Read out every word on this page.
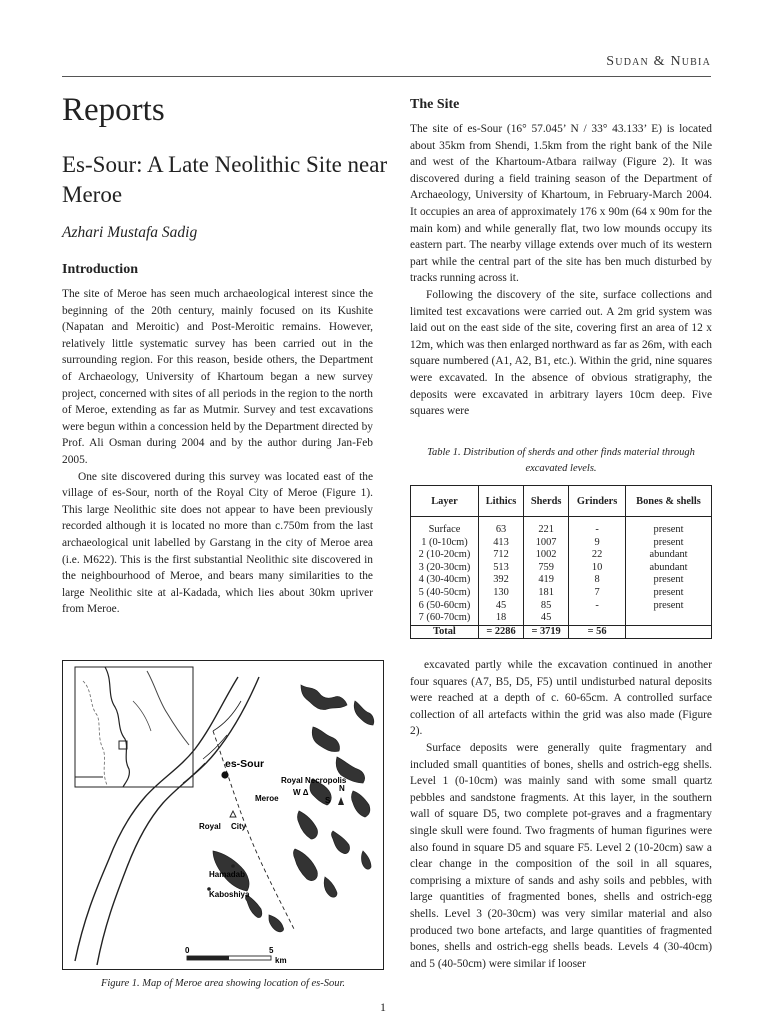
Sudan & Nubia
Reports
Es-Sour: A Late Neolithic Site near Meroe
Azhari Mustafa Sadig
Introduction

The site of Meroe has seen much archaeological interest since the beginning of the 20th century, mainly focused on its Kushite (Napatan and Meroitic) and Post-Meroitic remains. However, relatively little systematic survey has been carried out in the surrounding region. For this reason, beside others, the Department of Archaeology, University of Khartoum began a new survey project, concerned with sites of all periods in the region to the north of Meroe, extending as far as Mutmir. Survey and test excavations were begun within a concession held by the Department directed by Prof. Ali Osman during 2004 and by the author during Jan-Feb 2005.

One site discovered during this survey was located east of the village of es-Sour, north of the Royal City of Meroe (Figure 1). This large Neolithic site does not appear to have been previously recorded although it is located no more than c.750m from the last archaeological unit labelled by Garstang in the city of Meroe area (i.e. M622). This is the first substantial Neolithic site discovered in the neighbourhood of Meroe, and bears many similarities to the large Neolithic site at al-Kadada, which lies about 30km upriver from Meroe.

The Site

The site of es-Sour (16° 57.045’ N / 33° 43.133’ E) is located about 35km from Shendi, 1.5km from the right bank of the Nile and west of the Khartoum-Atbara railway (Figure 2). It was discovered during a field training season of the Department of Archaeology, University of Khartoum, in February-March 2004. It occupies an area of approximately 176 x 90m (64 x 90m for the main kom) and while generally flat, two low mounds occupy its eastern part. The nearby village extends over much of its western part while the central part of the site has ben much disturbed by tracks running across it.

Following the discovery of the site, surface collections and limited test excavations were carried out. A 2m grid system was laid out on the east side of the site, covering first an area of 12 x 12m, which was then enlarged northward as far as 26m, with each square numbered (A1, A2, B1, etc.). Within the grid, nine squares were excavated. In the absence of obvious stratigraphy, the deposits were excavated in arbitrary layers 10cm deep. Five squares were

Table 1. Distribution of sherds and other finds material through excavated levels.
Layer	Lithics	Sherds	Grinders	Bones & shells

Surface	63	221	-	present
1 (0-10cm)	413	1007	9	present
2 (10-20cm)	712	1002	22	abundant
3 (20-30cm)	513	759	10	abundant
4 (30-40cm)	392	419	8	present
5 (40-50cm)	130	181	7	present
6 (50-60cm)	45	85	-	present
7 (60-70cm)	18	45		
Total	= 2286	= 3719	= 56	

excavated partly while the excavation continued in another four squares (A7, B5, D5, F5) until undisturbed natural deposits were reached at a depth of c. 60-65cm. A controlled surface collection of all artefacts within the grid was also made (Figure 2).

Surface deposits were generally quite fragmentary and included small quantities of bones, shells and ostrich-egg shells. Level 1 (0-10cm) was mainly sand with some small quartz pebbles and sandstone fragments. At this layer, in the southern wall of square D5, two complete pot-graves and a fragmentary single skull were found. Two fragments of human figurines were also found in square D5 and square F5. Level 2 (10-20cm) saw a clear change in the composition of the soil in all squares, comprising a mixture of sands and ashy soils and pebbles, with large quantities of fragmented bones, shells and ostrich-egg shells. Level 3 (20-30cm) was very similar material and also produced two bone artefacts, and large quantities of fragmented bones, shells and ostrich-egg shells beads. Levels 4 (30-40cm) and 5 (40-50cm) were similar if looser

es-Sour
Royal Necropolis
W Δ
S
N
Meroe
Royal City
Hamadab
Kaboshiya
0	5
km
Figure 1. Map of Meroe area showing location of es-Sour.
1
